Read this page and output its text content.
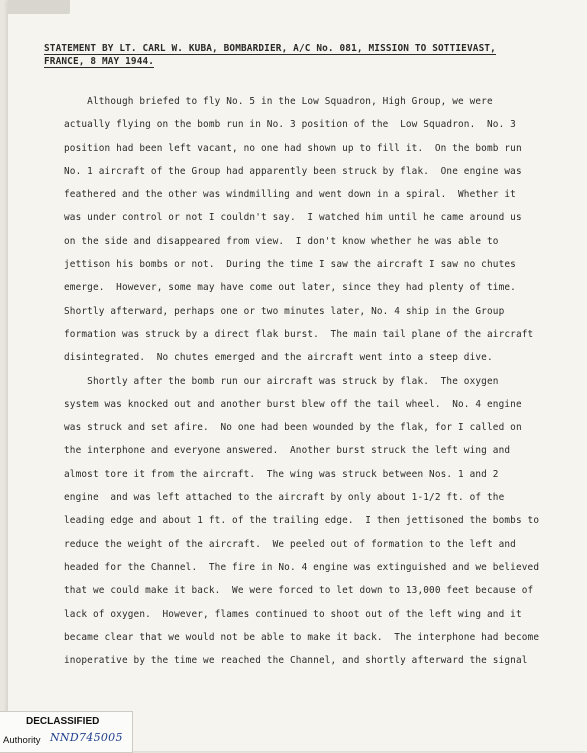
STATEMENT BY LT. CARL W. KUBA, BOMBARDIER, A/C No. 081, MISSION TO SOTTIEVAST,
FRANCE, 8 MAY 1944.
Although briefed to fly No. 5 in the Low Squadron, High Group, we were
actually flying on the bomb run in No. 3 position of the  Low Squadron.  No. 3
position had been left vacant, no one had shown up to fill it.  On the bomb run
No. 1 aircraft of the Group had apparently been struck by flak.  One engine was
feathered and the other was windmilling and went down in a spiral.  Whether it
was under control or not I couldn't say.  I watched him until he came around us
on the side and disappeared from view.  I don't know whether he was able to
jettison his bombs or not.  During the time I saw the aircraft I saw no chutes
emerge.  However, some may have come out later, since they had plenty of time.
Shortly afterward, perhaps one or two minutes later, No. 4 ship in the Group
formation was struck by a direct flak burst.  The main tail plane of the aircraft
disintegrated.  No chutes emerged and the aircraft went into a steep dive.
Shortly after the bomb run our aircraft was struck by flak.  The oxygen
system was knocked out and another burst blew off the tail wheel.  No. 4 engine
was struck and set afire.  No one had been wounded by the flak, for I called on
the interphone and everyone answered.  Another burst struck the left wing and
almost tore it from the aircraft.  The wing was struck between Nos. 1 and 2
engine  and was left attached to the aircraft by only about 1-1/2 ft. of the
leading edge and about 1 ft. of the trailing edge.  I then jettisoned the bombs to
reduce the weight of the aircraft.  We peeled out of formation to the left and
headed for the Channel.  The fire in No. 4 engine was extinguished and we believed
that we could make it back.  We were forced to let down to 13,000 feet because of
lack of oxygen.  However, flames continued to shoot out of the left wing and it
became clear that we would not be able to make it back.  The interphone had become
inoperative by the time we reached the Channel, and shortly afterward the signal
DECLASSIFIED
Authority NND745005
